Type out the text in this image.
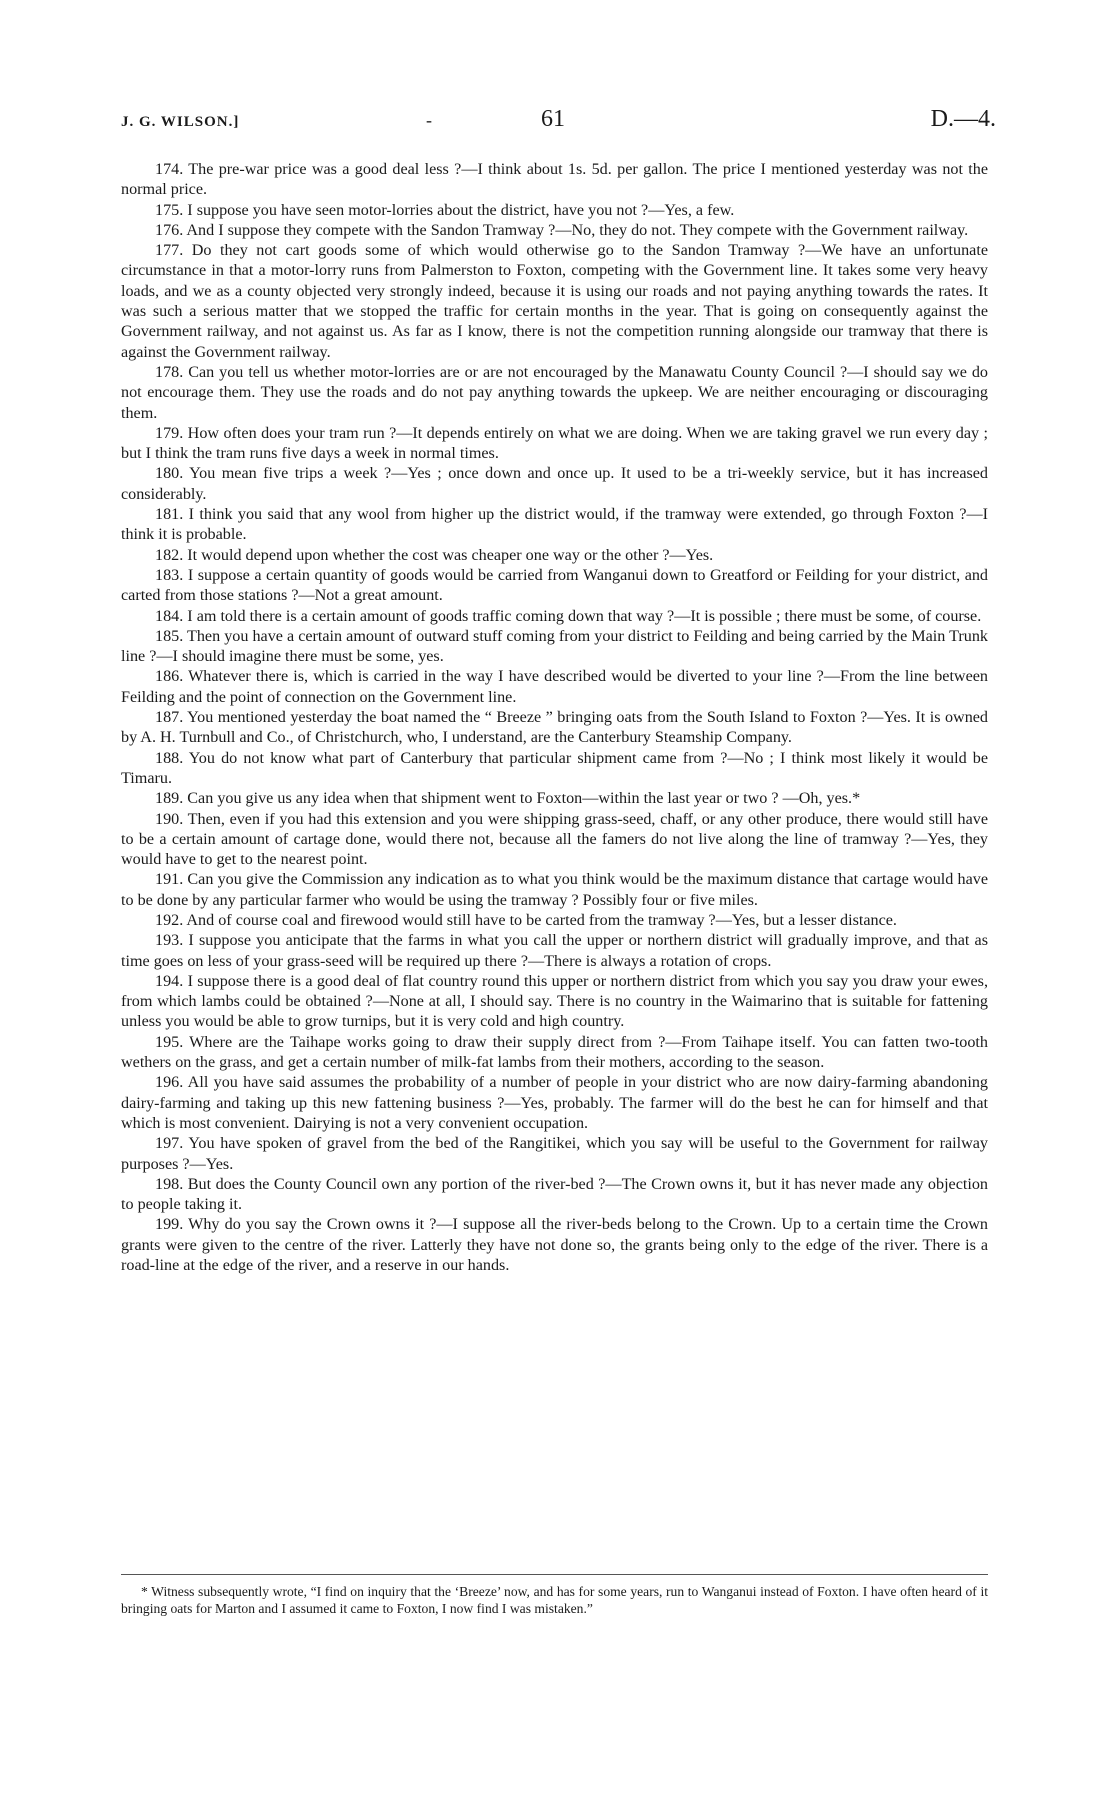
J. G. WILSON.]	-	61	D.—4.

174. The pre-war price was a good deal less ?—I think about 1s. 5d. per gallon. The price I mentioned yesterday was not the normal price.

175. I suppose you have seen motor-lorries about the district, have you not ?—Yes, a few.

176. And I suppose they compete with the Sandon Tramway ?—No, they do not. They compete with the Government railway.

177. Do they not cart goods some of which would otherwise go to the Sandon Tramway ?—We have an unfortunate circumstance in that a motor-lorry runs from Palmerston to Foxton, competing with the Government line. It takes some very heavy loads, and we as a county objected very strongly indeed, because it is using our roads and not paying anything towards the rates. It was such a serious matter that we stopped the traffic for certain months in the year. That is going on consequently against the Government railway, and not against us. As far as I know, there is not the competition running alongside our tramway that there is against the Government railway.

178. Can you tell us whether motor-lorries are or are not encouraged by the Manawatu County Council ?—I should say we do not encourage them. They use the roads and do not pay anything towards the upkeep. We are neither encouraging or discouraging them.

179. How often does your tram run ?—It depends entirely on what we are doing. When we are taking gravel we run every day ; but I think the tram runs five days a week in normal times.

180. You mean five trips a week ?—Yes ; once down and once up. It used to be a tri-weekly service, but it has increased considerably.

181. I think you said that any wool from higher up the district would, if the tramway were extended, go through Foxton ?—I think it is probable.

182. It would depend upon whether the cost was cheaper one way or the other ?—Yes.

183. I suppose a certain quantity of goods would be carried from Wanganui down to Greatford or Feilding for your district, and carted from those stations ?—Not a great amount.

184. I am told there is a certain amount of goods traffic coming down that way ?—It is possible ; there must be some, of course.

185. Then you have a certain amount of outward stuff coming from your district to Feilding and being carried by the Main Trunk line ?—I should imagine there must be some, yes.

186. Whatever there is, which is carried in the way I have described would be diverted to your line ?—From the line between Feilding and the point of connection on the Government line.

187. You mentioned yesterday the boat named the “ Breeze ” bringing oats from the South Island to Foxton ?—Yes. It is owned by A. H. Turnbull and Co., of Christchurch, who, I understand, are the Canterbury Steamship Company.

188. You do not know what part of Canterbury that particular shipment came from ?—No ; I think most likely it would be Timaru.

189. Can you give us any idea when that shipment went to Foxton—within the last year or two ? —Oh, yes.*

190. Then, even if you had this extension and you were shipping grass-seed, chaff, or any other produce, there would still have to be a certain amount of cartage done, would there not, because all the famers do not live along the line of tramway ?—Yes, they would have to get to the nearest point.

191. Can you give the Commission any indication as to what you think would be the maximum distance that cartage would have to be done by any particular farmer who would be using the tramway ? Possibly four or five miles.

192. And of course coal and firewood would still have to be carted from the tramway ?—Yes, but a lesser distance.

193. I suppose you anticipate that the farms in what you call the upper or northern district will gradually improve, and that as time goes on less of your grass-seed will be required up there ?—There is always a rotation of crops.

194. I suppose there is a good deal of flat country round this upper or northern district from which you say you draw your ewes, from which lambs could be obtained ?—None at all, I should say. There is no country in the Waimarino that is suitable for fattening unless you would be able to grow turnips, but it is very cold and high country.

195. Where are the Taihape works going to draw their supply direct from ?—From Taihape itself. You can fatten two-tooth wethers on the grass, and get a certain number of milk-fat lambs from their mothers, according to the season.

196. All you have said assumes the probability of a number of people in your district who are now dairy-farming abandoning dairy-farming and taking up this new fattening business ?—Yes, probably. The farmer will do the best he can for himself and that which is most convenient. Dairying is not a very convenient occupation.

197. You have spoken of gravel from the bed of the Rangitikei, which you say will be useful to the Government for railway purposes ?—Yes.

198. But does the County Council own any portion of the river-bed ?—The Crown owns it, but it has never made any objection to people taking it.

199. Why do you say the Crown owns it ?—I suppose all the river-beds belong to the Crown. Up to a certain time the Crown grants were given to the centre of the river. Latterly they have not done so, the grants being only to the edge of the river. There is a road-line at the edge of the river, and a reserve in our hands.

* Witness subsequently wrote, “I find on inquiry that the ‘Breeze’ now, and has for some years, run to Wanganui instead of Foxton. I have often heard of it bringing oats for Marton and I assumed it came to Foxton, I now find I was mistaken.”
